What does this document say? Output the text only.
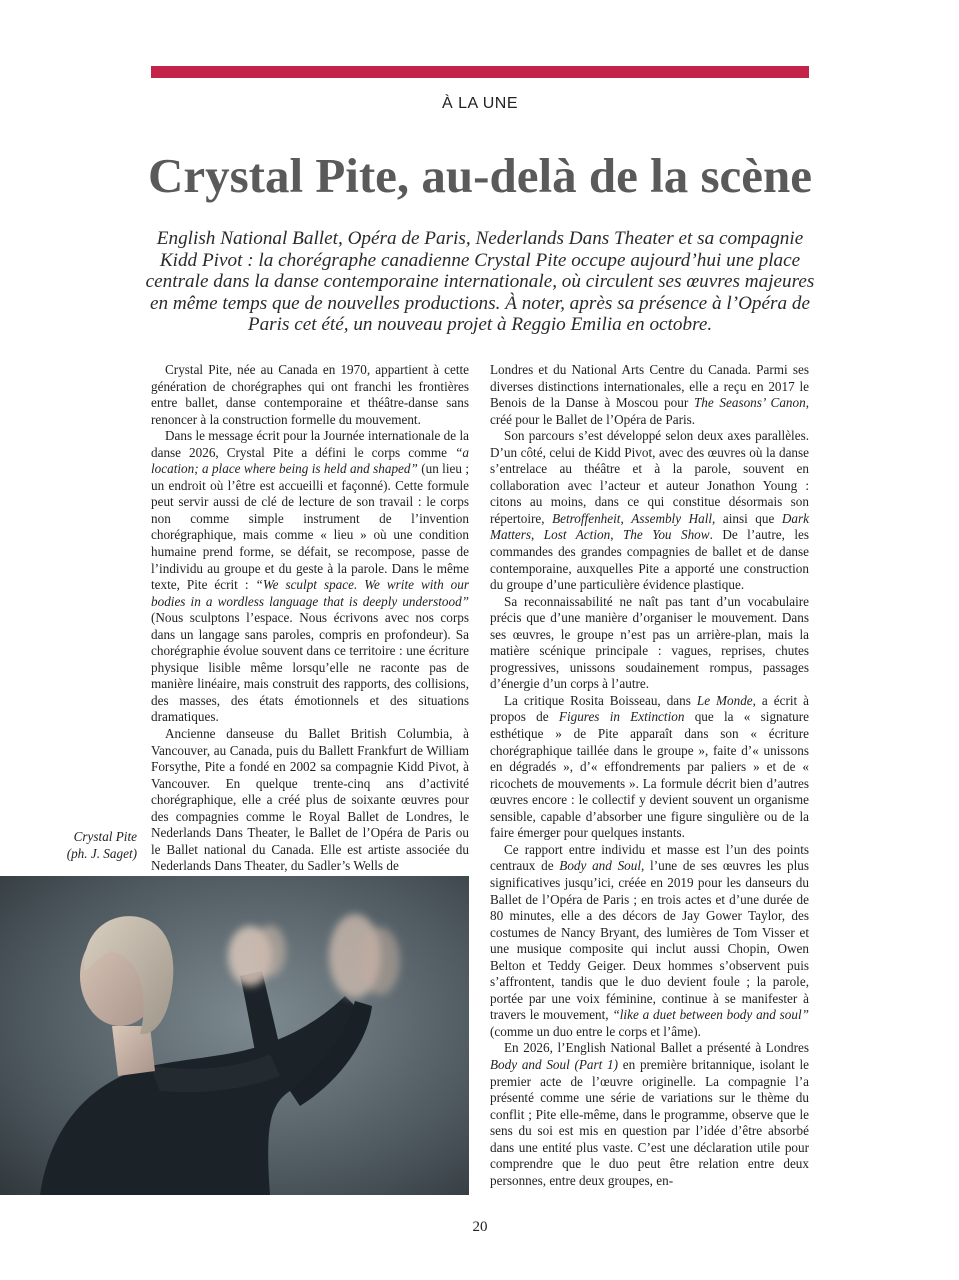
À LA UNE
Crystal Pite, au-delà de la scène

English National Ballet, Opéra de Paris, Nederlands Dans Theater et sa compagnie Kidd Pivot : la chorégraphe canadienne Crystal Pite occupe aujourd’hui une place centrale dans la danse contemporaine internationale, où circulent ses œuvres majeures en même temps que de nouvelles productions. À noter, après sa présence à l’Opéra de Paris cet été, un nouveau projet à Reggio Emilia en octobre.

Crystal Pite, née au Canada en 1970, appartient à cette génération de chorégraphes qui ont franchi les frontières entre ballet, danse contemporaine et théâtre-danse sans renoncer à la construction formelle du mouvement.

Dans le message écrit pour la Journée internationale de la danse 2026, Crystal Pite a défini le corps comme “a location; a place where being is held and shaped” (un lieu ; un endroit où l’être est accueilli et façonné). Cette formule peut servir aussi de clé de lecture de son travail : le corps non comme simple instrument de l’invention chorégraphique, mais comme « lieu » où une condition humaine prend forme, se défait, se recompose, passe de l’individu au groupe et du geste à la parole. Dans le même texte, Pite écrit : “We sculpt space. We write with our bodies in a wordless language that is deeply understood” (Nous sculptons l’espace. Nous écrivons avec nos corps dans un langage sans paroles, compris en profondeur). Sa chorégraphie évolue souvent dans ce territoire : une écriture physique lisible même lorsqu’elle ne raconte pas de manière linéaire, mais construit des rapports, des collisions, des masses, des états émotionnels et des situations dramatiques.

Ancienne danseuse du Ballet British Columbia, à Vancouver, au Canada, puis du Ballett Frankfurt de William Forsythe, Pite a fondé en 2002 sa compagnie Kidd Pivot, à Vancouver. En quelque trente-cinq ans d’activité chorégraphique, elle a créé plus de soixante œuvres pour des compagnies comme le Royal Ballet de Londres, le Nederlands Dans Theater, le Ballet de l’Opéra de Paris ou le Ballet national du Canada. Elle est artiste associée du Nederlands Dans Theater, du Sadler’s Wells de

Crystal Pite
(ph. J. Saget)

Londres et du National Arts Centre du Canada. Parmi ses diverses distinctions internationales, elle a reçu en 2017 le Benois de la Danse à Moscou pour The Seasons’ Canon, créé pour le Ballet de l’Opéra de Paris.

Son parcours s’est développé selon deux axes parallèles. D’un côté, celui de Kidd Pivot, avec des œuvres où la danse s’entrelace au théâtre et à la parole, souvent en collaboration avec l’acteur et auteur Jonathon Young : citons au moins, dans ce qui constitue désormais son répertoire, Betroffenheit, Assembly Hall, ainsi que Dark Matters, Lost Action, The You Show. De l’autre, les commandes des grandes compagnies de ballet et de danse contemporaine, auxquelles Pite a apporté une construction du groupe d’une particulière évidence plastique.

Sa reconnaissabilité ne naît pas tant d’un vocabulaire précis que d’une manière d’organiser le mouvement. Dans ses œuvres, le groupe n’est pas un arrière-plan, mais la matière scénique principale : vagues, reprises, chutes progressives, unissons soudainement rompus, passages d’énergie d’un corps à l’autre.

La critique Rosita Boisseau, dans Le Monde, a écrit à propos de Figures in Extinction que la « signature esthétique » de Pite apparaît dans son « écriture chorégraphique taillée dans le groupe », faite d’« unissons en dégradés », d’« effondrements par paliers » et de « ricochets de mouvements ». La formule décrit bien d’autres œuvres encore : le collectif y devient souvent un organisme sensible, capable d’absorber une figure singulière ou de la faire émerger pour quelques instants.

Ce rapport entre individu et masse est l’un des points centraux de Body and Soul, l’une de ses œuvres les plus significatives jusqu’ici, créée en 2019 pour les danseurs du Ballet de l’Opéra de Paris ; en trois actes et d’une durée de 80 minutes, elle a des décors de Jay Gower Taylor, des costumes de Nancy Bryant, des lumières de Tom Visser et une musique composite qui inclut aussi Chopin, Owen Belton et Teddy Geiger. Deux hommes s’observent puis s’affrontent, tandis que le duo devient foule ; la parole, portée par une voix féminine, continue à se manifester à travers le mouvement, “like a duet between body and soul” (comme un duo entre le corps et l’âme).

En 2026, l’English National Ballet a présenté à Londres Body and Soul (Part 1) en première britannique, isolant le premier acte de l’œuvre originelle. La compagnie l’a présenté comme une série de variations sur le thème du conflit ; Pite elle-même, dans le programme, observe que le sens du soi est mis en question par l’idée d’être absorbé dans une entité plus vaste. C’est une déclaration utile pour comprendre que le duo peut être relation entre deux personnes, entre deux groupes, en-

20
